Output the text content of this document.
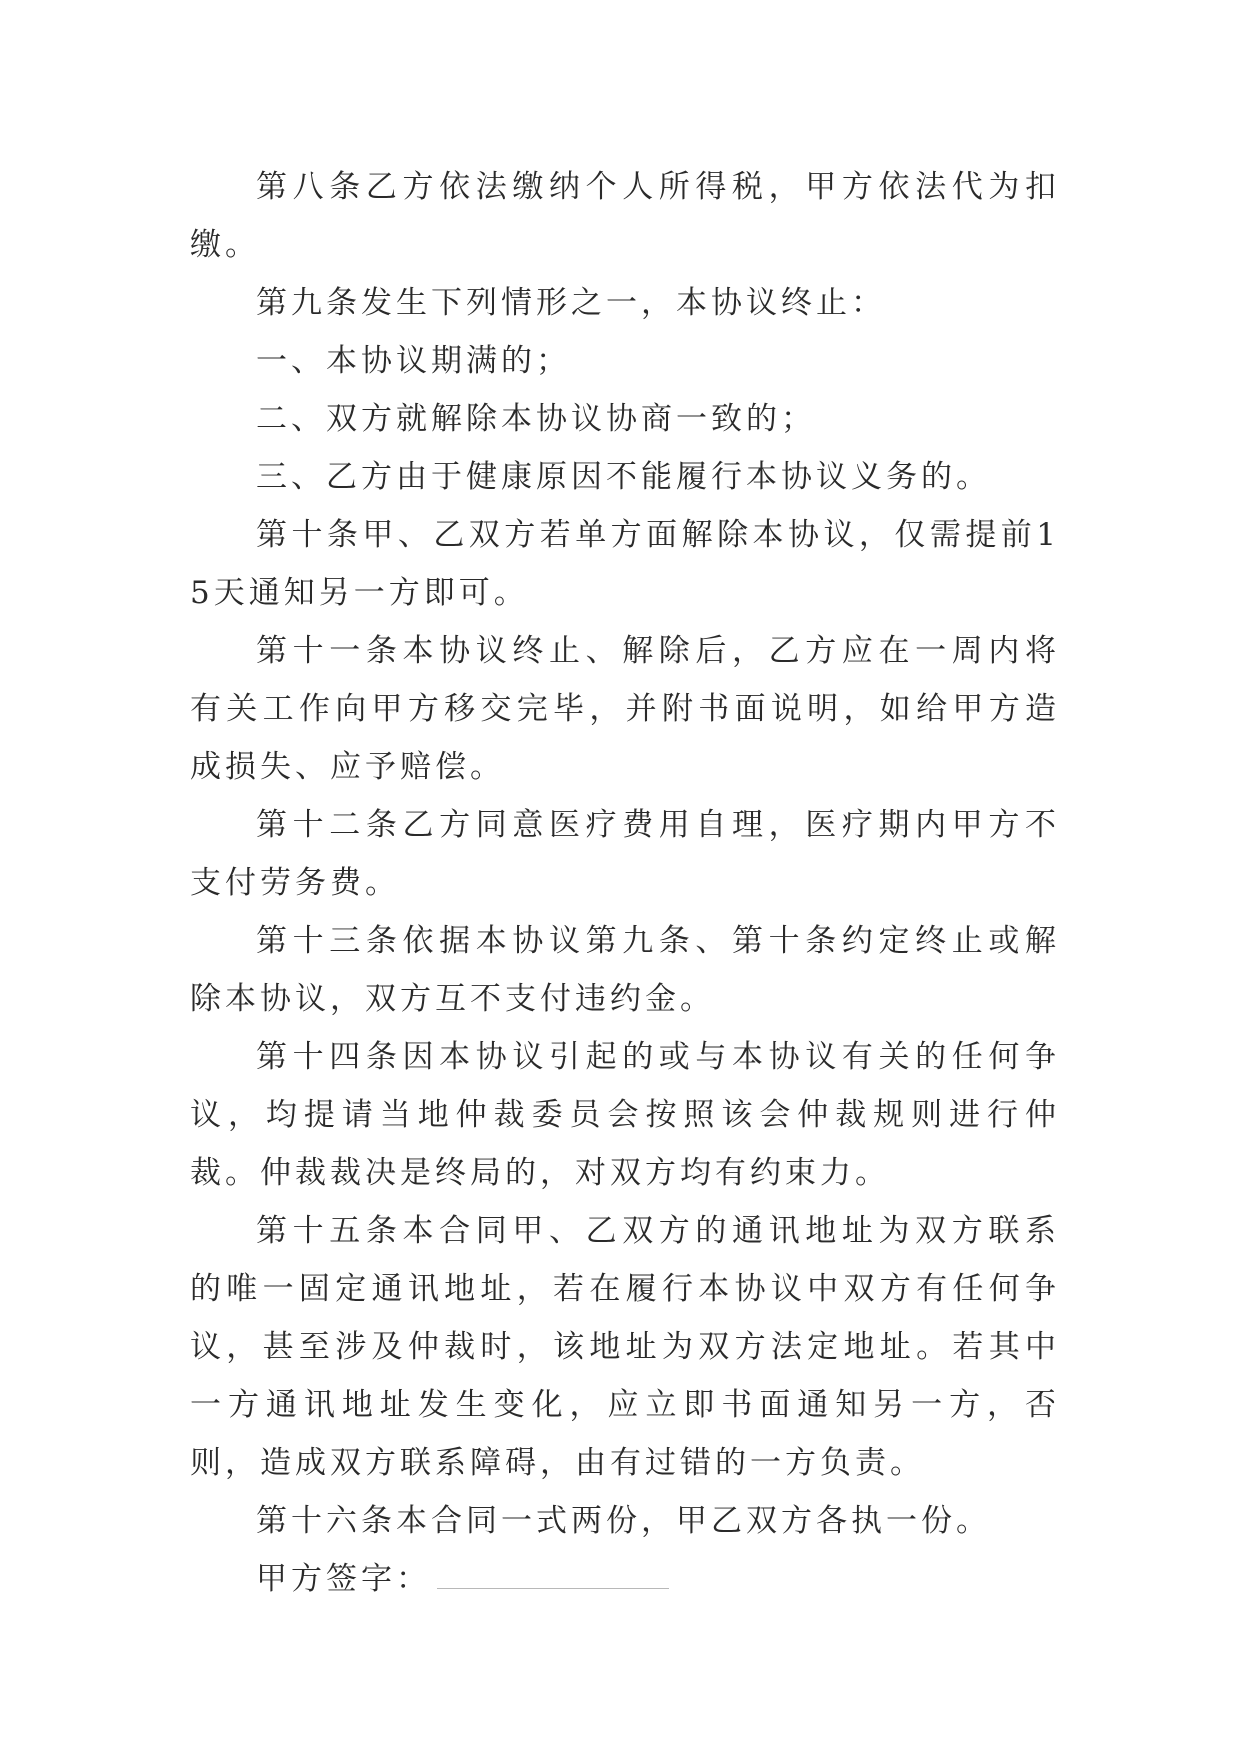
第八条乙方依法缴纳个人所得税，甲方依法代为扣缴。

第九条发生下列情形之一，本协议终止：

一、本协议期满的；

二、双方就解除本协议协商一致的；

三、乙方由于健康原因不能履行本协议义务的。

第十条甲、乙双方若单方面解除本协议，仅需提前15天通知另一方即可。

第十一条本协议终止、解除后，乙方应在一周内将有关工作向甲方移交完毕，并附书面说明，如给甲方造成损失、应予赔偿。

第十二条乙方同意医疗费用自理，医疗期内甲方不支付劳务费。

第十三条依据本协议第九条、第十条约定终止或解除本协议，双方互不支付违约金。

第十四条因本协议引起的或与本协议有关的任何争议，均提请当地仲裁委员会按照该会仲裁规则进行仲裁。仲裁裁决是终局的，对双方均有约束力。

第十五条本合同甲、乙双方的通讯地址为双方联系的唯一固定通讯地址，若在履行本协议中双方有任何争议，甚至涉及仲裁时，该地址为双方法定地址。若其中一方通讯地址发生变化，应立即书面通知另一方，否则，造成双方联系障碍，由有过错的一方负责。

第十六条本合同一式两份，甲乙双方各执一份。

甲方签字：
